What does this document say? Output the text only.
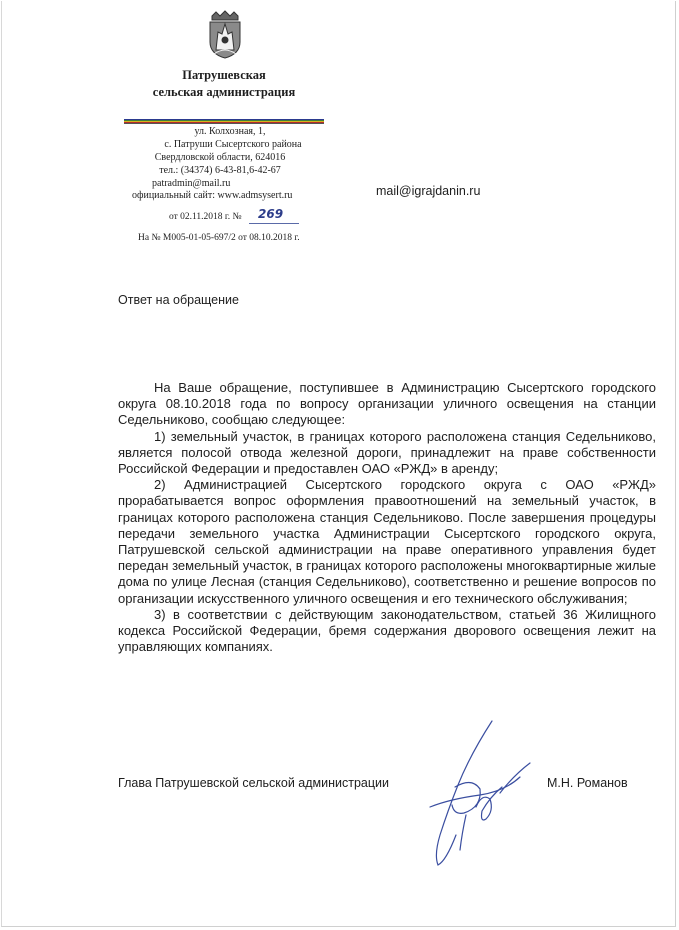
Патрушевская
сельская администрация
ул. Колхозная, 1,
с. Патруши Сысертского района
Свердловской области, 624016
тел.: (34374) 6-43-81,6-42-67
patradmin@mail.ru
официальный сайт: www.admsysert.ru
от 02.11.2018 г. № 269
На № М005-01-05-697/2 от 08.10.2018 г.
mail@igrajdanin.ru
Ответ на обращение

На Ваше обращение, поступившее в Администрацию Сысертского городского округа 08.10.2018 года по вопросу организации уличного освещения на станции Седельниково, сообщаю следующее:

1) земельный участок, в границах которого расположена станция Седельниково, является полосой отвода железной дороги, принадлежит на праве собственности Российской Федерации и предоставлен ОАО «РЖД» в аренду;

2) Администрацией Сысертского городского округа с ОАО «РЖД» прорабатывается вопрос оформления правоотношений на земельный участок, в границах которого расположена станция Седельниково. После завершения процедуры передачи земельного участка Администрации Сысертского городского округа, Патрушевской сельской администрации на праве оперативного управления будет передан земельный участок, в границах которого расположены многоквартирные жилые дома по улице Лесная (станция Седельниково), соответственно и решение вопросов по организации искусственного уличного освещения и его технического обслуживания;

3) в соответствии с действующим законодательством, статьей 36 Жилищного кодекса Российской Федерации, бремя содержания дворового освещения лежит на управляющих компаниях.

Глава Патрушевской сельской администрации	М.Н. Романов
